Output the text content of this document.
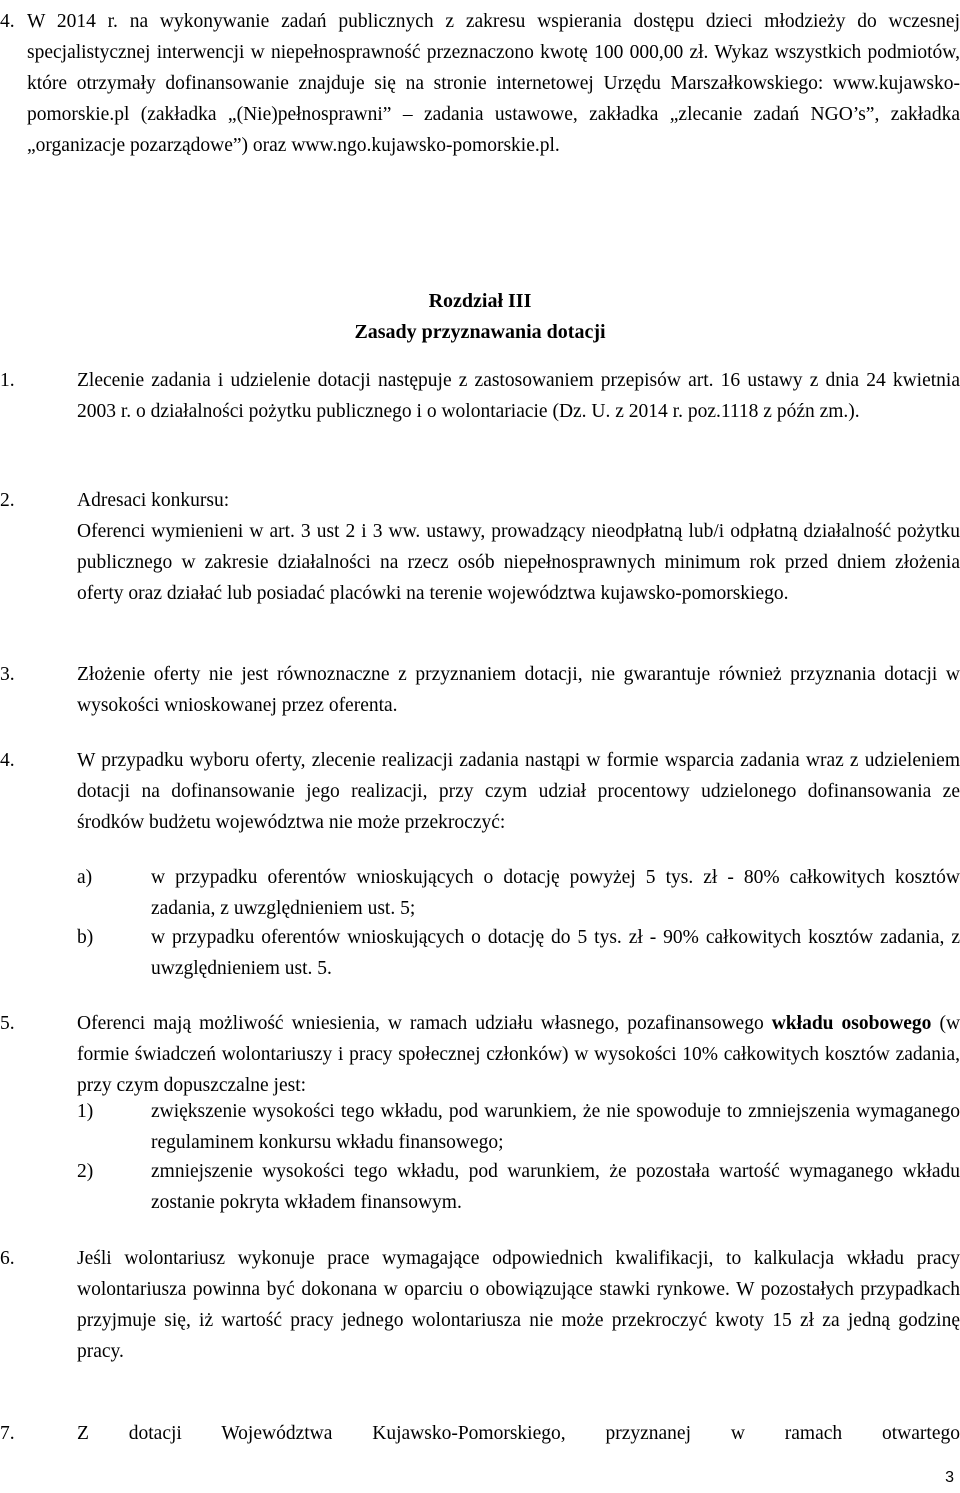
4. W 2014 r. na wykonywanie zadań publicznych z zakresu wspierania dostępu dzieci młodzieży do wczesnej specjalistycznej interwencji w niepełnosprawność przeznaczono kwotę 100 000,00 zł. Wykaz wszystkich podmiotów, które otrzymały dofinansowanie znajduje się na stronie internetowej Urzędu Marszałkowskiego: www.kujawsko-pomorskie.pl (zakładka „(Nie)pełnosprawni” – zadania ustawowe, zakładka „zlecanie zadań NGO’s”, zakładka „organizacje pozarządowe”) oraz www.ngo.kujawsko-pomorskie.pl.
Rozdział III
Zasady przyznawania dotacji
1.	Zlecenie zadania i udzielenie dotacji następuje z zastosowaniem przepisów art. 16 ustawy z dnia 24 kwietnia 2003 r. o działalności pożytku publicznego i o wolontariacie (Dz. U. z 2014 r. poz.1118 z późn zm.).
2.	Adresaci konkursu:
Oferenci wymienieni w art. 3 ust 2 i 3 ww. ustawy, prowadzący nieodpłatną lub/i odpłatną działalność pożytku publicznego w zakresie działalności na rzecz osób niepełnosprawnych minimum rok przed dniem złożenia oferty oraz działać lub posiadać placówki na terenie województwa kujawsko-pomorskiego.
3.	Złożenie oferty nie jest równoznaczne z przyznaniem dotacji, nie gwarantuje również przyznania dotacji w wysokości wnioskowanej przez oferenta.
4.	W przypadku wyboru oferty, zlecenie realizacji zadania nastąpi w formie wsparcia zadania wraz z udzieleniem dotacji na dofinansowanie jego realizacji, przy czym udział procentowy udzielonego dofinansowania ze środków budżetu województwa nie może przekroczyć:
a)	w przypadku oferentów wnioskujących o dotację powyżej 5 tys. zł - 80% całkowitych kosztów zadania, z uwzględnieniem ust. 5;
b)	w przypadku oferentów wnioskujących o dotację do 5 tys. zł - 90% całkowitych kosztów zadania, z uwzględnieniem ust. 5.
5.	Oferenci mają możliwość wniesienia, w ramach udziału własnego, pozafinansowego wkładu osobowego (w formie świadczeń wolontariuszy i pracy społecznej członków) w wysokości 10% całkowitych kosztów zadania, przy czym dopuszczalne jest:
1)	zwiększenie wysokości tego wkładu, pod warunkiem, że nie spowoduje to zmniejszenia wymaganego regulaminem konkursu wkładu finansowego;
2)	zmniejszenie wysokości tego wkładu, pod warunkiem, że pozostała wartość wymaganego wkładu zostanie pokryta wkładem finansowym.
6.	Jeśli wolontariusz wykonuje prace wymagające odpowiednich kwalifikacji, to kalkulacja wkładu pracy wolontariusza powinna być dokonana w oparciu o obowiązujące stawki rynkowe. W pozostałych przypadkach przyjmuje się, iż wartość pracy jednego wolontariusza nie może przekroczyć kwoty 15 zł za jedną godzinę pracy.
7.	Z dotacji Województwa Kujawsko-Pomorskiego, przyznanej w ramach otwartego
3
